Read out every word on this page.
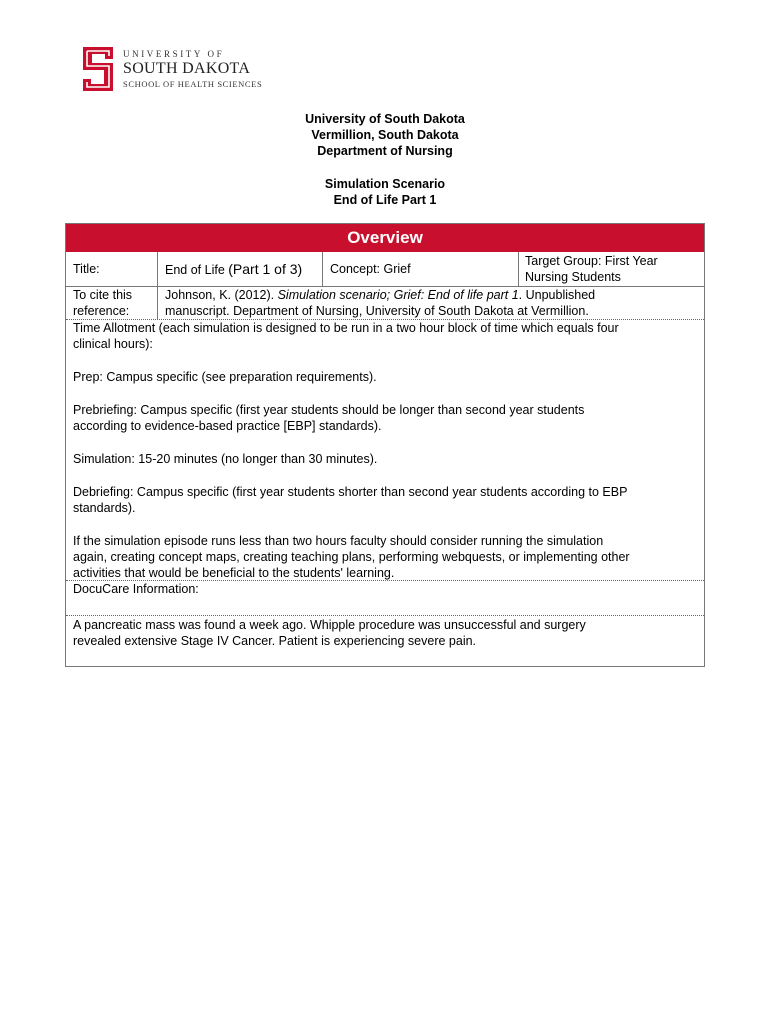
UNIVERSITY OF
SOUTH DAKOTA
SCHOOL OF HEALTH SCIENCES
University of South Dakota
Vermillion, South Dakota
Department of Nursing
Simulation Scenario
End of Life Part 1
Overview
Title:	End of Life (Part 1 of 3) Concept: Grief
Target Group: First Year
Nursing Students
To cite this
reference:
Johnson, K. (2012). Simulation scenario; Grief: End of life part 1. Unpublished
manuscript. Department of Nursing, University of South Dakota at Vermillion.
Time Allotment (each simulation is designed to be run in a two hour block of time which equals four
clinical hours):
Prep: Campus specific (see preparation requirements).
Prebriefing: Campus specific (first year students should be longer than second year students
according to evidence-based practice [EBP] standards).
Simulation: 15-20 minutes (no longer than 30 minutes).
Debriefing: Campus specific (first year students shorter than second year students according to EBP
standards).
If the simulation episode runs less than two hours faculty should consider running the simulation
again, creating concept maps, creating teaching plans, performing webquests, or implementing other
activities that would be beneficial to the students' learning.
DocuCare Information:
A pancreatic mass was found a week ago. Whipple procedure was unsuccessful and surgery
revealed extensive Stage IV Cancer. Patient is experiencing severe pain.
